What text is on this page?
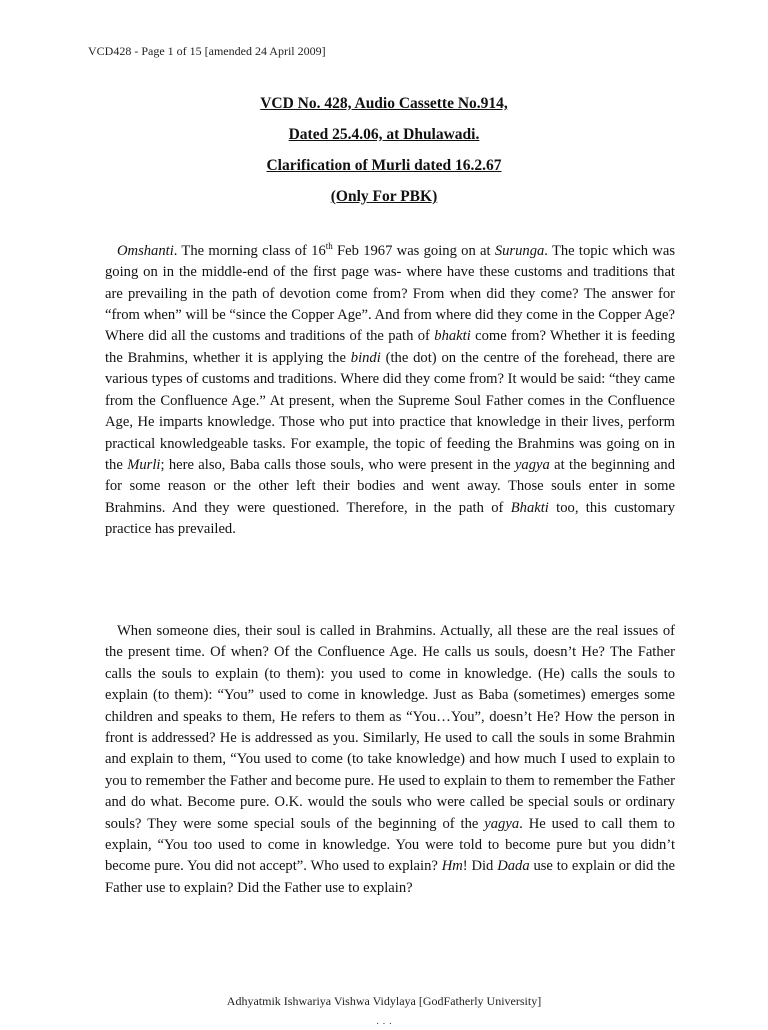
VCD428 - Page 1 of 15 [amended 24 April 2009]

VCD No. 428, Audio Cassette No.914,

Dated 25.4.06, at Dhulawadi.

Clarification of Murli dated 16.2.67

(Only For PBK)

Omshanti. The morning class of 16th Feb 1967 was going on at Surunga. The topic which was going on in the middle-end of the first page was- where have these customs and traditions that are prevailing in the path of devotion come from? From when did they come? The answer for “from when” will be “since the Copper Age”. And from where did they come in the Copper Age? Where did all the customs and traditions of the path of bhakti come from? Whether it is feeding the Brahmins, whether it is applying the bindi (the dot) on the centre of the forehead, there are various types of customs and traditions. Where did they come from? It would be said: “they came from the Confluence Age.” At present, when the Supreme Soul Father comes in the Confluence Age, He imparts knowledge. Those who put into practice that knowledge in their lives, perform practical knowledgeable tasks. For example, the topic of feeding the Brahmins was going on in the Murli; here also, Baba calls those souls, who were present in the yagya at the beginning and for some reason or the other left their bodies and went away. Those souls enter in some Brahmins. And they were questioned. Therefore, in the path of Bhakti too, this customary practice has prevailed.

When someone dies, their soul is called in Brahmins. Actually, all these are the real issues of the present time. Of when? Of the Confluence Age. He calls us souls, doesn’t He? The Father calls the souls to explain (to them): you used to come in knowledge. (He) calls the souls to explain (to them): “You” used to come in knowledge. Just as Baba (sometimes) emerges some children and speaks to them, He refers to them as “You…You”, doesn’t He? How the person in front is addressed? He is addressed as you. Similarly, He used to call the souls in some Brahmin and explain to them, “You used to come (to take knowledge) and how much I used to explain to you to remember the Father and become pure. He used to explain to them to remember the Father and do what. Become pure. O.K. would the souls who were called be special souls or ordinary souls? They were some special souls of the beginning of the yagya. He used to call them to explain, “You too used to come in knowledge. You were told to become pure but you didn’t become pure. You did not accept”. Who used to explain? Hm! Did Dada use to explain or did the Father use to explain? Did the Father use to explain?

Adhyatmik Ishwariya Vishwa Vidylaya [GodFatherly University]
· · ·
